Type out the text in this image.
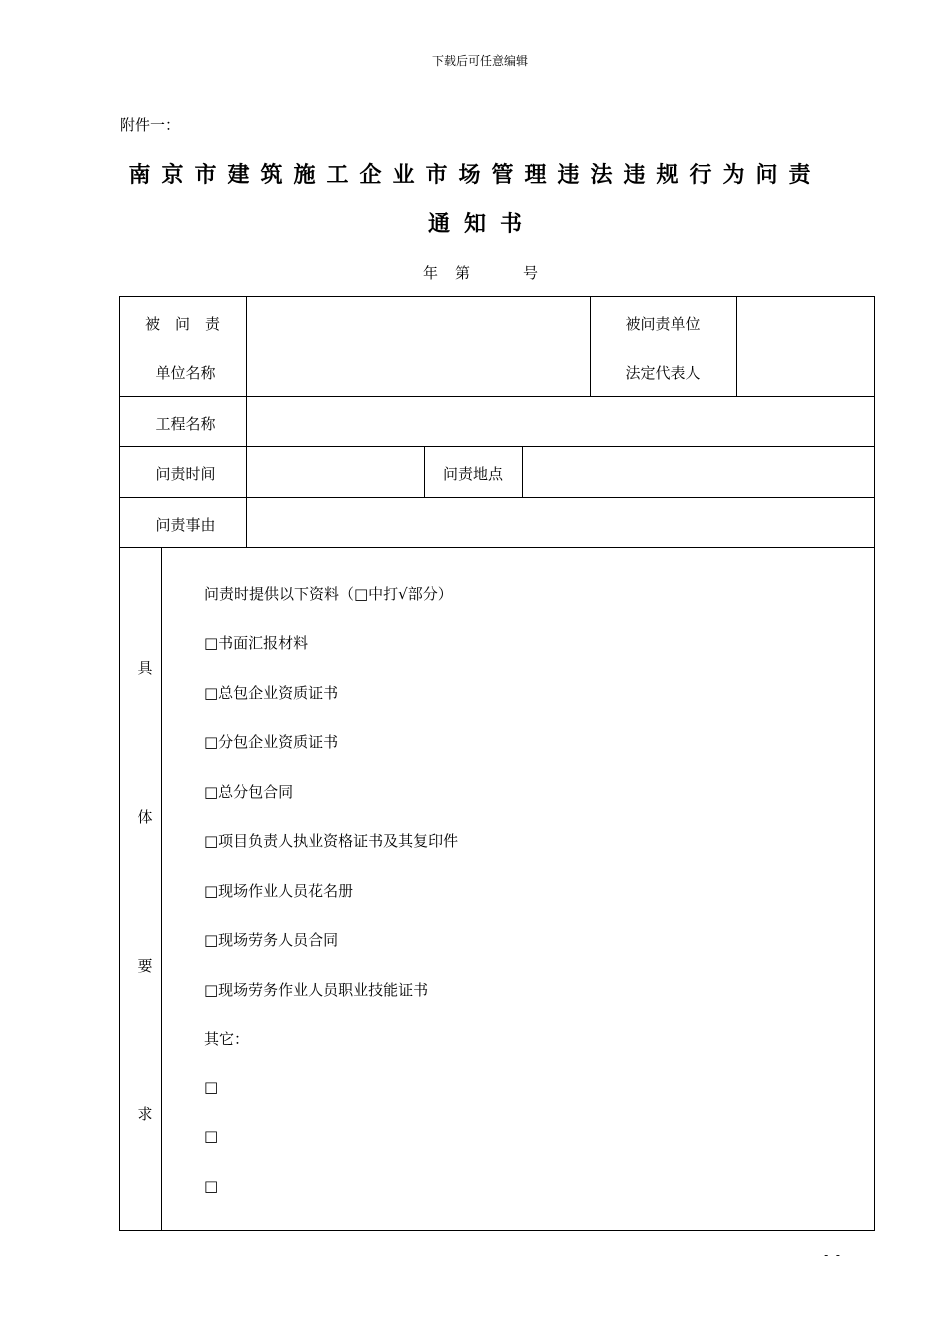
下载后可任意编辑
附件一：
南京市建筑施工企业市场管理违法违规行为问责
通知书
年 第	号
被　问　责
单位名称
被问责单位
法定代表人
工程名称
问责时间	问责地点
问责事由
具
体
要
求
问责时提供以下资料（□中打√部分）
□书面汇报材料
□总包企业资质证书
□分包企业资质证书
□总分包合同
□项目负责人执业资格证书及其复印件
□现场作业人员花名册
□现场劳务人员合同
□现场劳务作业人员职业技能证书
其它：
□
□
□
- -
